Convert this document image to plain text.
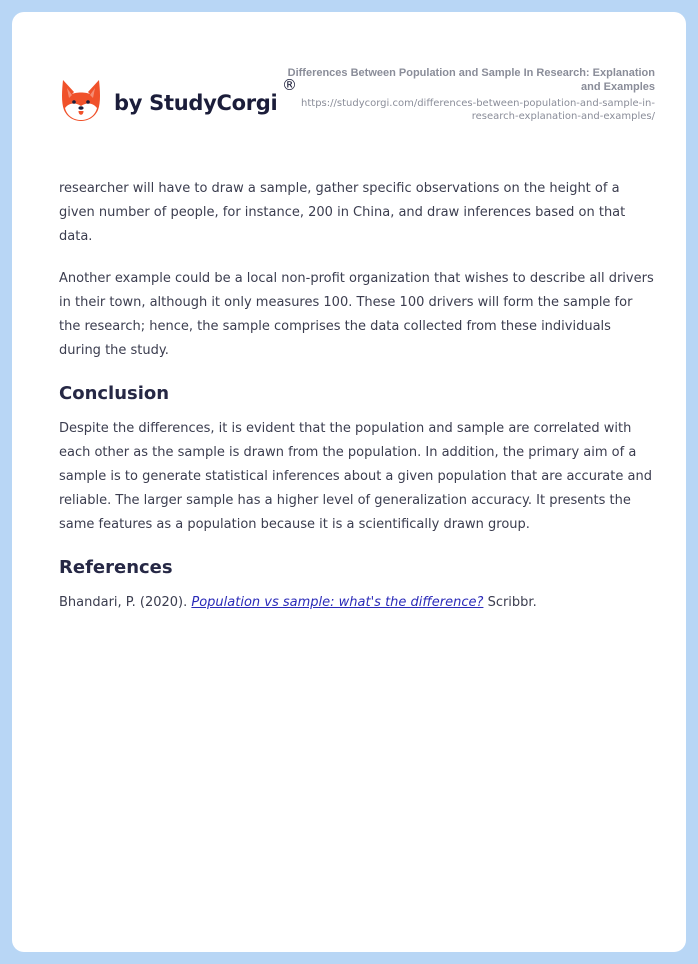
by StudyCorgi
®
Differences Between Population and Sample In Research: Explanation and Examples
https://studycorgi.com/differences-between-population-and-sample-in-research-explanation-and-examples/

researcher will have to draw a sample, gather specific observations on the height of a given number of people, for instance, 200 in China, and draw inferences based on that data.

Another example could be a local non-profit organization that wishes to describe all drivers in their town, although it only measures 100. These 100 drivers will form the sample for the research; hence, the sample comprises the data collected from these individuals during the study.

Conclusion

Despite the differences, it is evident that the population and sample are correlated with each other as the sample is drawn from the population. In addition, the primary aim of a sample is to generate statistical inferences about a given population that are accurate and reliable. The larger sample has a higher level of generalization accuracy. It presents the same features as a population because it is a scientifically drawn group.

References

Bhandari, P. (2020). Population vs sample: what's the difference? Scribbr.
